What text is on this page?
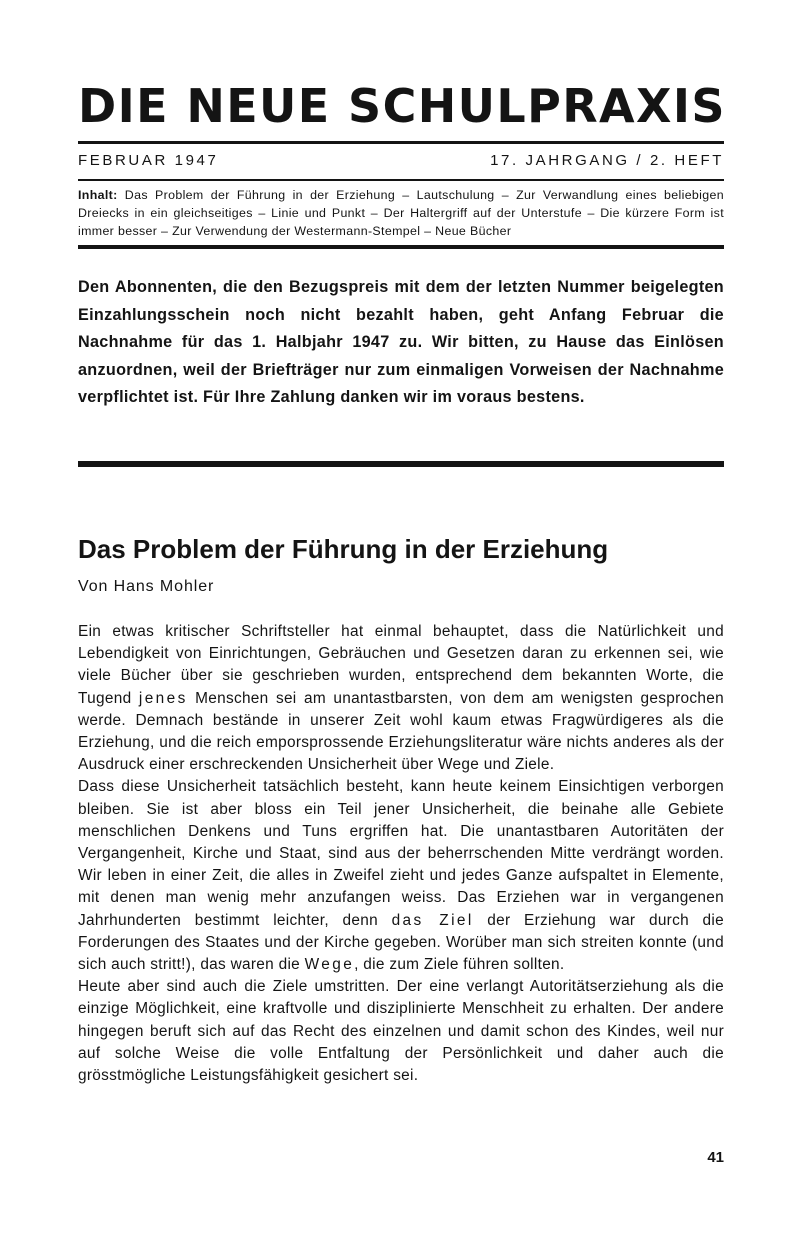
DIE NEUE SCHULPRAXIS
FEBRUAR 1947	17. JAHRGANG / 2. HEFT
Inhalt: Das Problem der Führung in der Erziehung – Lautschulung – Zur Verwandlung eines beliebigen Dreiecks in ein gleichseitiges – Linie und Punkt – Der Haltergriff auf der Unterstufe – Die kürzere Form ist immer besser – Zur Verwendung der Westermann-Stempel – Neue Bücher
Den Abonnenten, die den Bezugspreis mit dem der letzten Nummer beigelegten Einzahlungsschein noch nicht bezahlt haben, geht Anfang Februar die Nachnahme für das 1. Halbjahr 1947 zu. Wir bitten, zu Hause das Einlösen anzuordnen, weil der Briefträger nur zum einmaligen Vorweisen der Nachnahme verpflichtet ist. Für Ihre Zahlung danken wir im voraus bestens.
Das Problem der Führung in der Erziehung
Von Hans Mohler

Ein etwas kritischer Schriftsteller hat einmal behauptet, dass die Natürlichkeit und Lebendigkeit von Einrichtungen, Gebräuchen und Gesetzen daran zu erkennen sei, wie viele Bücher über sie geschrieben wurden, entsprechend dem bekannten Worte, die Tugend jenes Menschen sei am unantastbarsten, von dem am wenigsten gesprochen werde. Demnach bestände in unserer Zeit wohl kaum etwas Fragwürdigeres als die Erziehung, und die reich emporsprossende Erziehungsliteratur wäre nichts anderes als der Ausdruck einer erschreckenden Unsicherheit über Wege und Ziele.

Dass diese Unsicherheit tatsächlich besteht, kann heute keinem Einsichtigen verborgen bleiben. Sie ist aber bloss ein Teil jener Unsicherheit, die beinahe alle Gebiete menschlichen Denkens und Tuns ergriffen hat. Die unantastbaren Autoritäten der Vergangenheit, Kirche und Staat, sind aus der beherrschenden Mitte verdrängt worden. Wir leben in einer Zeit, die alles in Zweifel zieht und jedes Ganze aufspaltet in Elemente, mit denen man wenig mehr anzufangen weiss. Das Erziehen war in vergangenen Jahrhunderten bestimmt leichter, denn das Ziel der Erziehung war durch die Forderungen des Staates und der Kirche gegeben. Worüber man sich streiten konnte (und sich auch stritt!), das waren die Wege, die zum Ziele führen sollten.

Heute aber sind auch die Ziele umstritten. Der eine verlangt Autoritätserziehung als die einzige Möglichkeit, eine kraftvolle und disziplinierte Menschheit zu erhalten. Der andere hingegen beruft sich auf das Recht des einzelnen und damit schon des Kindes, weil nur auf solche Weise die volle Entfaltung der Persönlichkeit und daher auch die grösstmögliche Leistungsfähigkeit gesichert sei.

41
